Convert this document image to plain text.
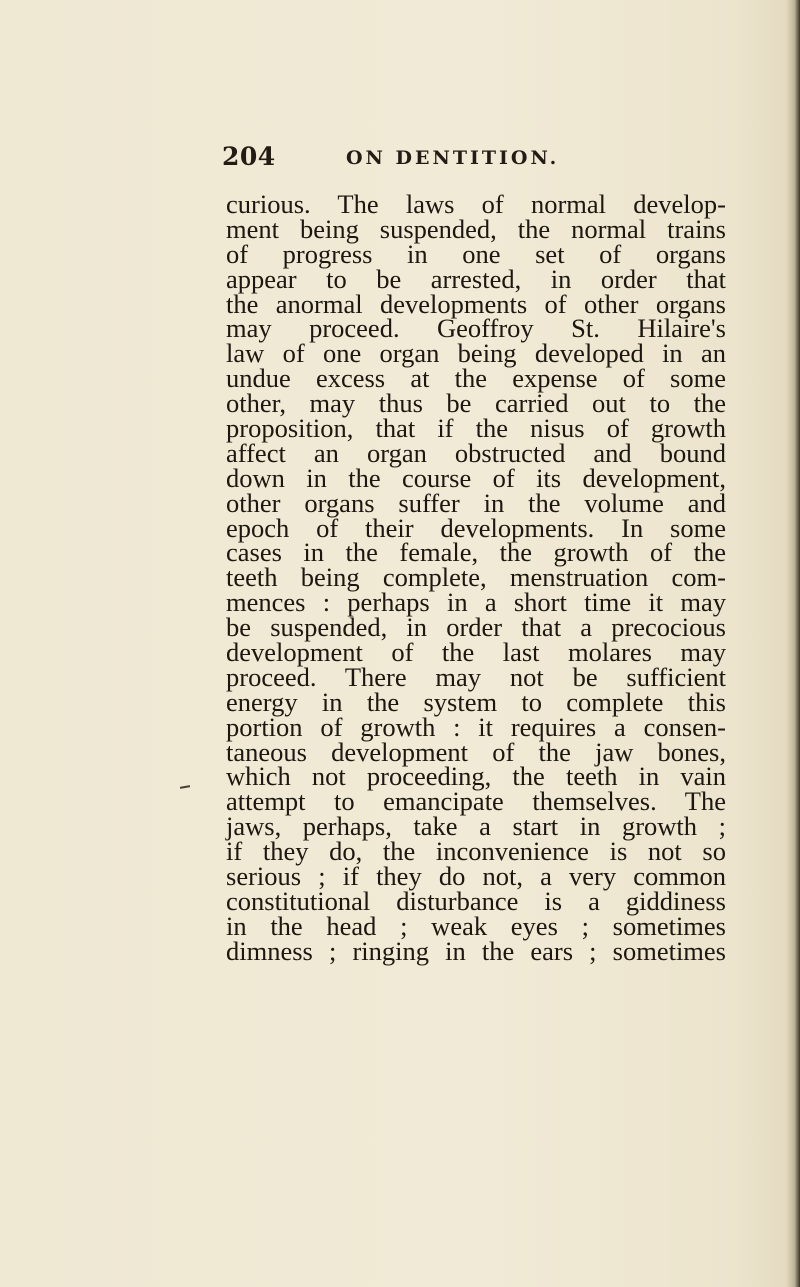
204	ON DENTITION.
curious. The laws of normal develop-
ment being suspended, the normal trains
of progress in one set of organs
appear to be arrested, in order that
the anormal developments of other organs
may proceed. Geoffroy St. Hilaire's
law of one organ being developed in an
undue excess at the expense of some
other, may thus be carried out to the
proposition, that if the nisus of growth
affect an organ obstructed and bound
down in the course of its development,
other organs suffer in the volume and
epoch of their developments. In some
cases in the female, the growth of the
teeth being complete, menstruation com-
mences : perhaps in a short time it may
be suspended, in order that a precocious
development of the last molares may
proceed. There may not be sufficient
energy in the system to complete this
portion of growth : it requires a consen-
taneous development of the jaw bones,
which not proceeding, the teeth in vain
attempt to emancipate themselves. The
jaws, perhaps, take a start in growth ;
if they do, the inconvenience is not so
serious ; if they do not, a very common
constitutional disturbance is a giddiness
in the head ; weak eyes ; sometimes
dimness ; ringing in the ears ; sometimes
